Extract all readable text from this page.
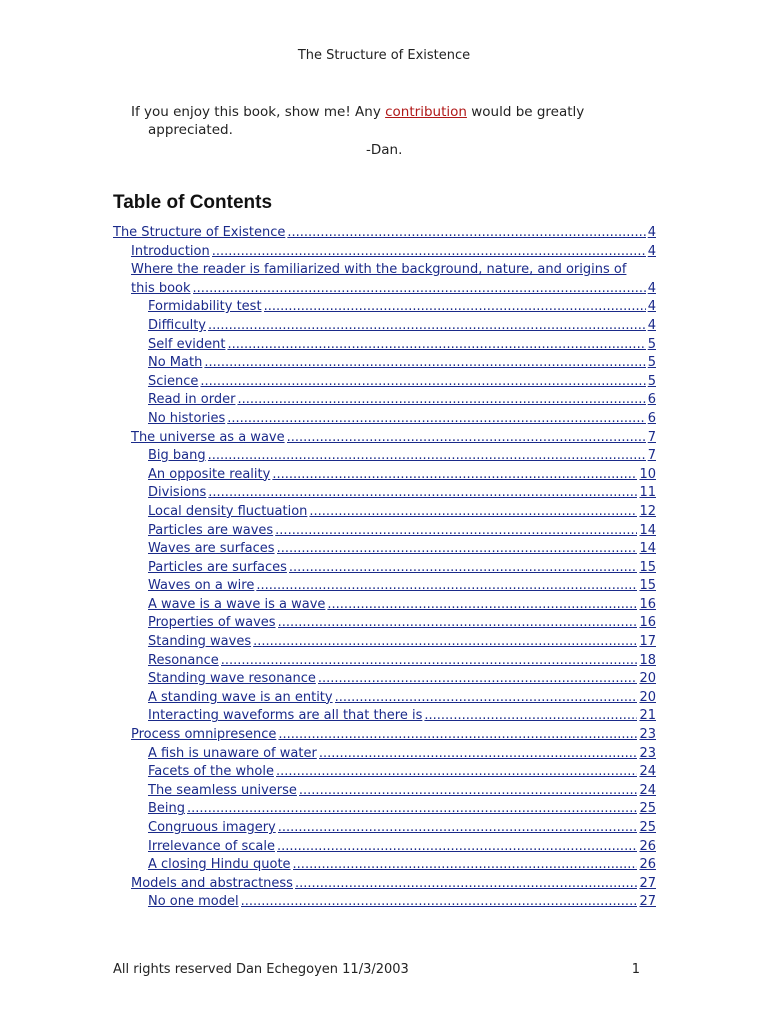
The Structure of Existence
If you enjoy this book, show me! Any contribution would be greatly
appreciated.
-Dan.
Table of Contents
The Structure of Existence .....	4
Introduction .....	4
Where the reader is familiarized with the background, nature, and origins of
this book .....	4
Formidability test .....	4
Difficulty .....	4
Self evident .....	5
No Math .....	5
Science .....	5
Read in order .....	6
No histories .....	6
The universe as a wave .....	7
Big bang .....	7
An opposite reality .....	10
Divisions .....	11
Local density fluctuation .....	12
Particles are waves .....	14
Waves are surfaces .....	14
Particles are surfaces .....	15
Waves on a wire .....	15
A wave is a wave is a wave .....	16
Properties of waves .....	16
Standing waves .....	17
Resonance .....	18
Standing wave resonance .....	20
A standing wave is an entity .....	20
Interacting waveforms are all that there is .....	21
Process omnipresence .....	23
A fish is unaware of water .....	23
Facets of the whole .....	24
The seamless universe .....	24
Being .....	25
Congruous imagery .....	25
Irrelevance of scale .....	26
A closing Hindu quote .....	26
Models and abstractness .....	27
No one model .....	27
All rights reserved Dan Echegoyen 11/3/2003	1
